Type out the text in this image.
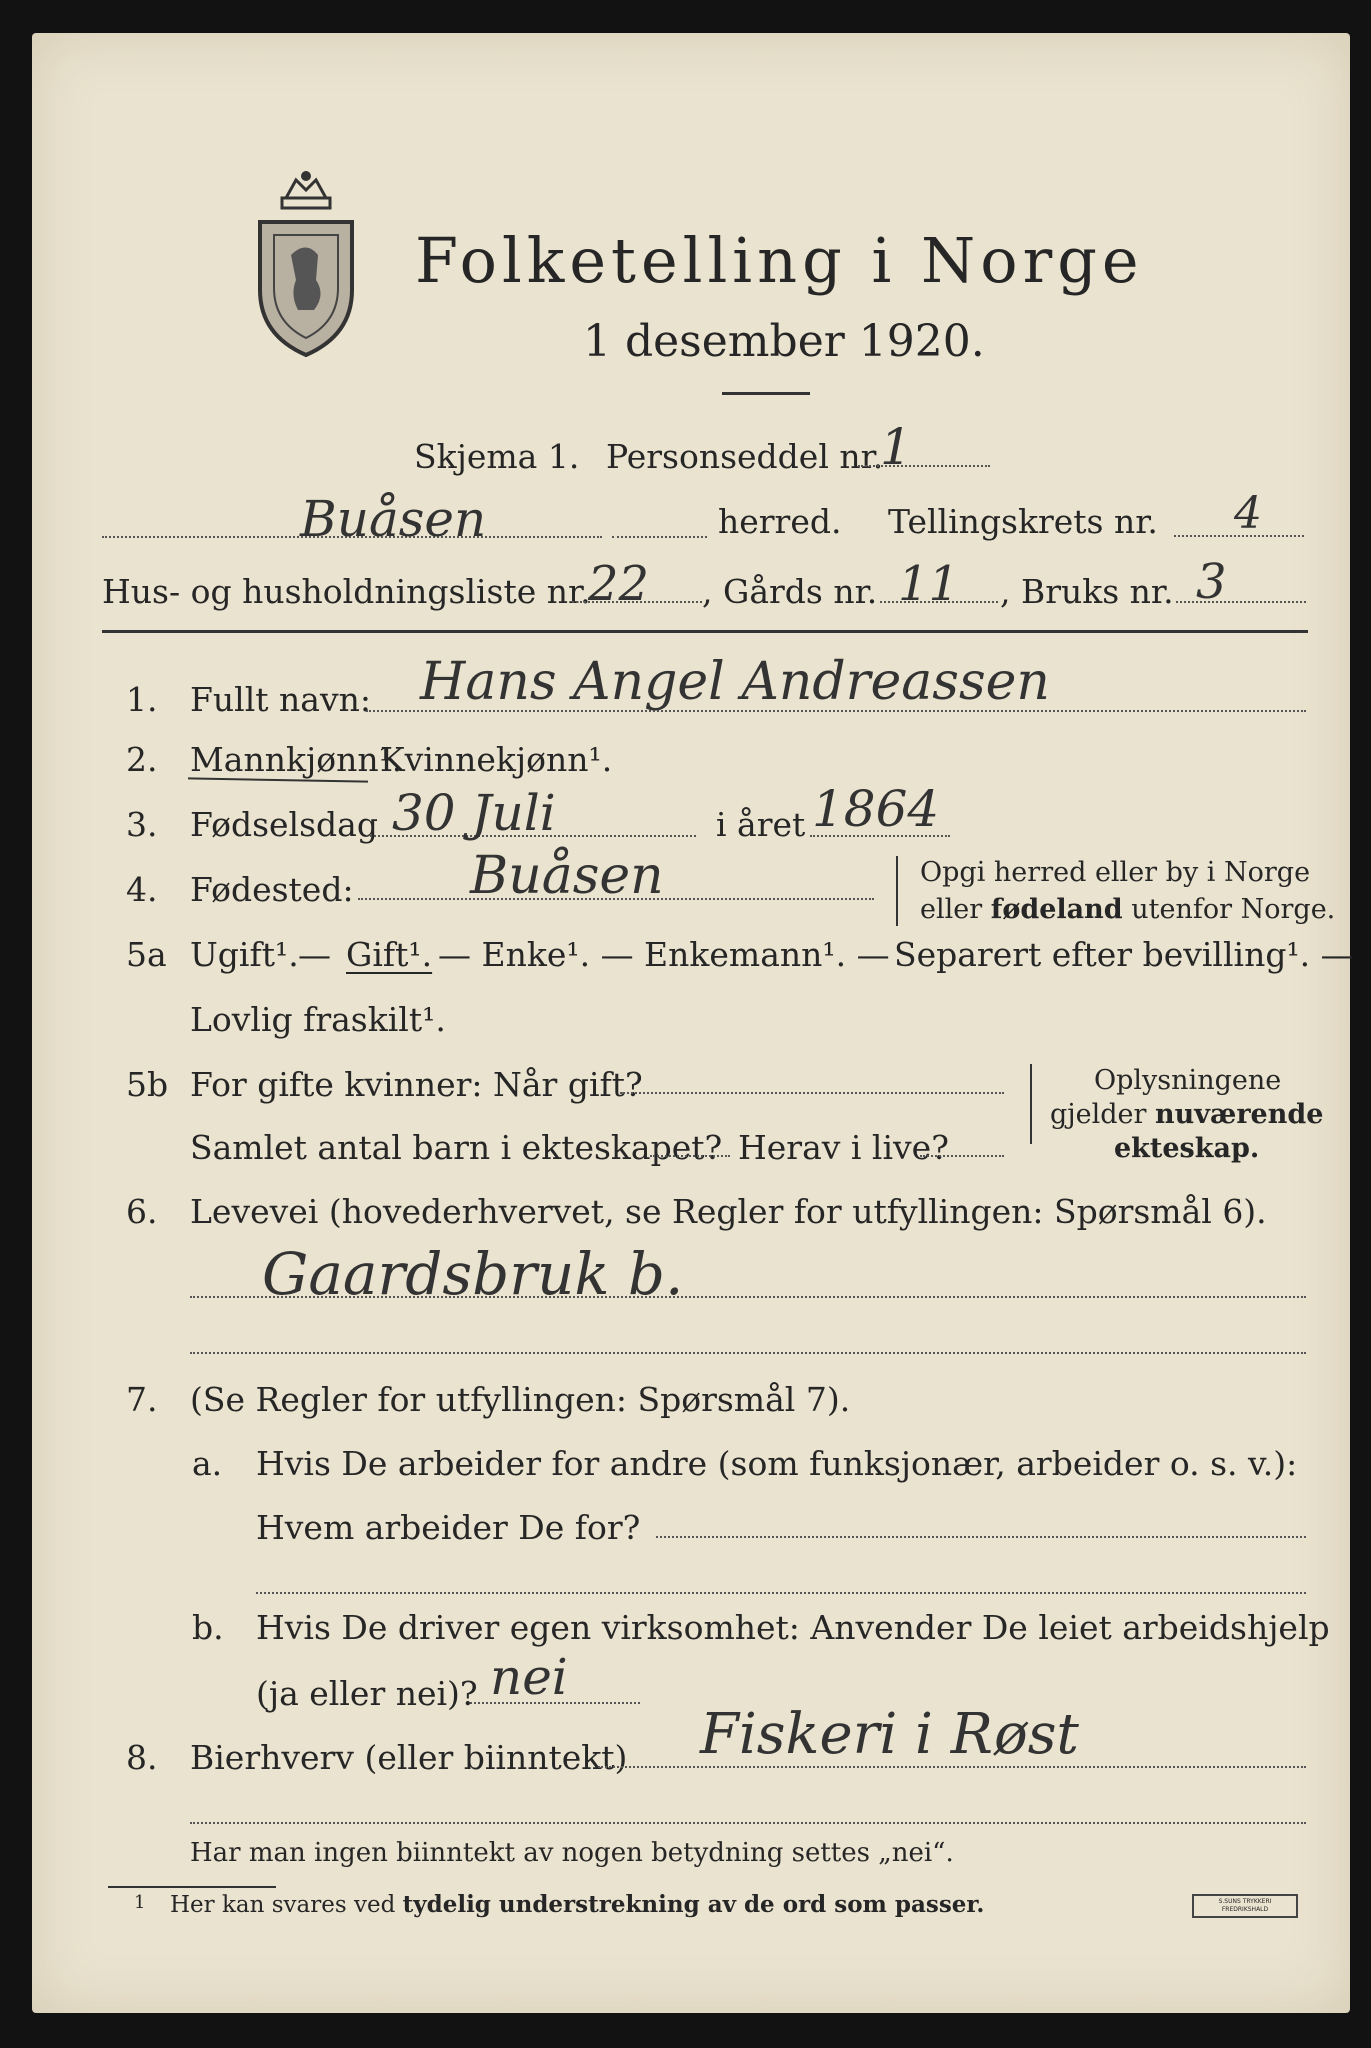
Folketelling i Norge
1 desember 1920.
Skjema 1. Personseddel nr.
1
Buåsen	herred. Tellingskrets nr. 4
Hus- og husholdningsliste nr.
22 , Gårds nr. 11 , Bruks nr. 3
1. Fullt navn: Hans Angel Andreassen
2. Mannkjønn¹.
Kvinnekjønn¹.
3. Fødselsdag 30 Juli	i året 1864
4. Fødested: Buåsen	Opgi herred eller by i Norge
eller fødeland utenfor Norge.
5a Ugift¹. — Gift¹. — Enke¹. — Enkemann¹. — Separert efter bevilling¹. —
Lovlig fraskilt¹.
5b For gifte kvinner: Når gift?
Samlet antal barn i ekteskapet? Herav i live?
Oplysningene
gjelder nuværende
ekteskap.
6. Levevei (hovederhvervet, se Regler for utfyllingen: Spørsmål 6).
Gaardsbruk b.
7. (Se Regler for utfyllingen: Spørsmål 7).
a. Hvis De arbeider for andre (som funksjonær, arbeider o. s. v.):
Hvem arbeider De for?
b. Hvis De driver egen virksomhet: Anvender De leiet arbeidshjelp
(ja eller nei)? nei
8. Bierhverv (eller biinntekt) Fiskeri i Røst
Har man ingen biinntekt av nogen betydning settes „nei“.
1 Her kan svares ved tydelig understrekning av de ord som passer.	S.SUNS TRYKKERI FREDRIKSHALD
